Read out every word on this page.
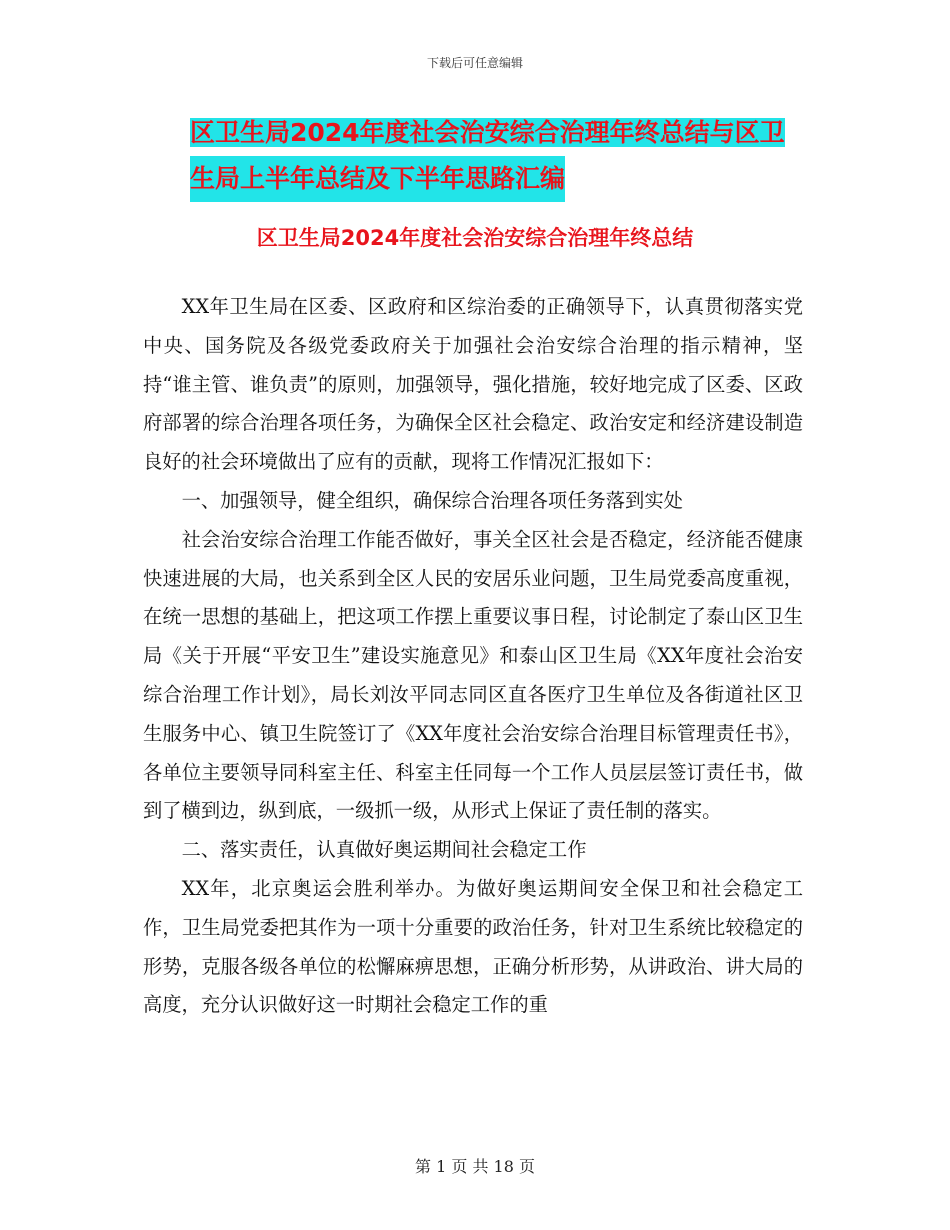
下载后可任意编辑
区卫生局2024年度社会治安综合治理年终总结与区卫
生局上半年总结及下半年思路汇编
区卫生局2024年度社会治安综合治理年终总结

XX年卫生局在区委、区政府和区综治委的正确领导下，认真贯彻落实党中央、国务院及各级党委政府关于加强社会治安综合治理的指示精神，坚持“谁主管、谁负责”的原则，加强领导，强化措施，较好地完成了区委、区政府部署的综合治理各项任务，为确保全区社会稳定、政治安定和经济建设制造良好的社会环境做出了应有的贡献，现将工作情况汇报如下：

一、加强领导，健全组织，确保综合治理各项任务落到实处

社会治安综合治理工作能否做好，事关全区社会是否稳定，经济能否健康快速进展的大局，也关系到全区人民的安居乐业问题，卫生局党委高度重视，在统一思想的基础上，把这项工作摆上重要议事日程，讨论制定了泰山区卫生局《关于开展“平安卫生”建设实施意见》和泰山区卫生局《XX年度社会治安综合治理工作计划》，局长刘汝平同志同区直各医疗卫生单位及各街道社区卫生服务中心、镇卫生院签订了《XX年度社会治安综合治理目标管理责任书》，各单位主要领导同科室主任、科室主任同每一个工作人员层层签订责任书，做到了横到边，纵到底，一级抓一级，从形式上保证了责任制的落实。

二、落实责任，认真做好奥运期间社会稳定工作

XX年，北京奥运会胜利举办。为做好奥运期间安全保卫和社会稳定工作，卫生局党委把其作为一项十分重要的政治任务，针对卫生系统比较稳定的形势，克服各级各单位的松懈麻痹思想，正确分析形势，从讲政治、讲大局的高度，充分认识做好这一时期社会稳定工作的重

第 1 页 共 18 页
